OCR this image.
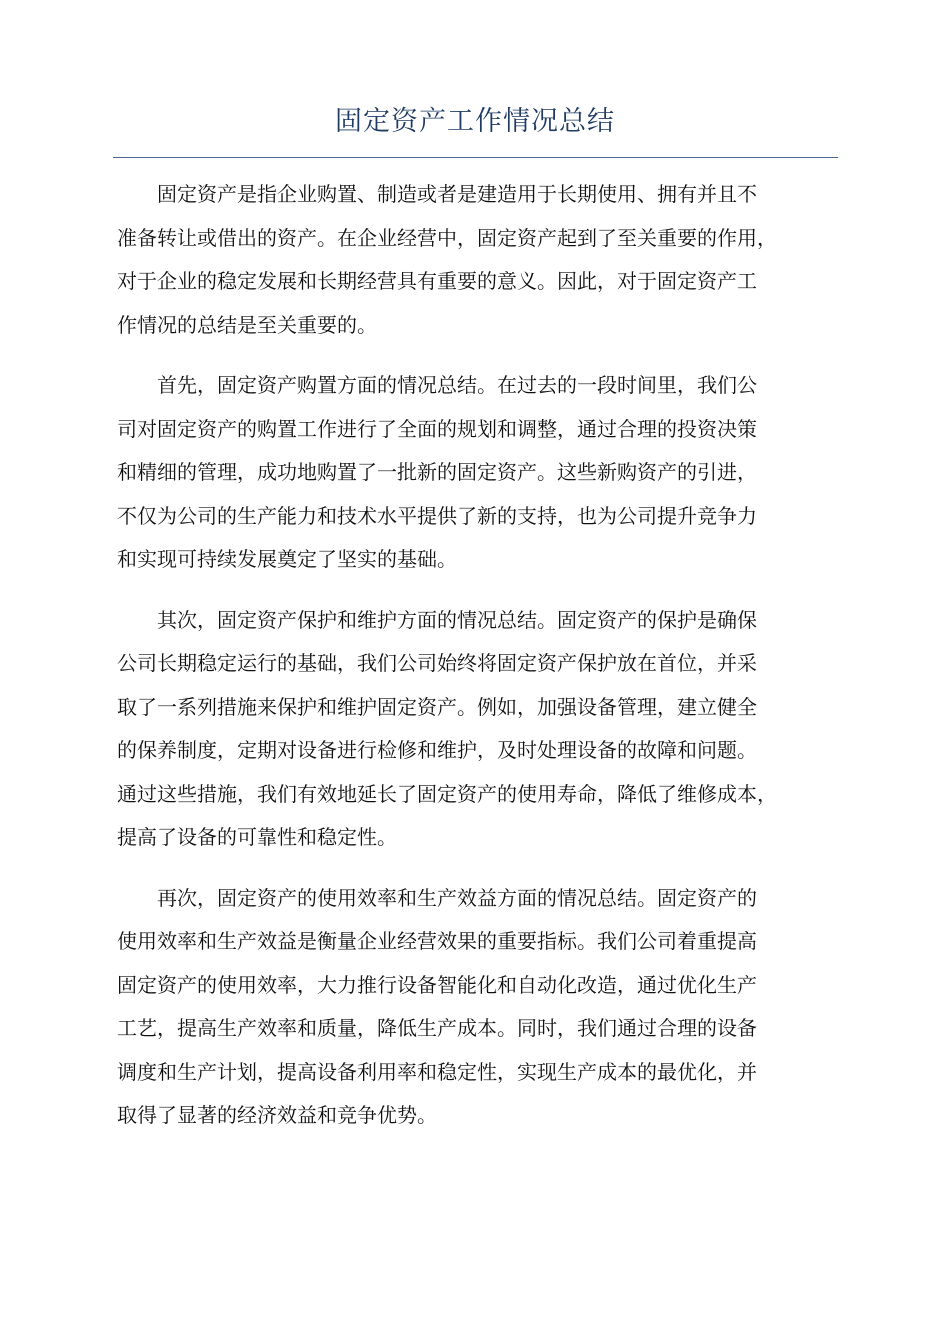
固定资产工作情况总结

固定资产是指企业购置、制造或者是建造用于长期使用、拥有并且不
准备转让或借出的资产。在企业经营中，固定资产起到了至关重要的作用，
对于企业的稳定发展和长期经营具有重要的意义。因此，对于固定资产工
作情况的总结是至关重要的。

首先，固定资产购置方面的情况总结。在过去的一段时间里，我们公
司对固定资产的购置工作进行了全面的规划和调整，通过合理的投资决策
和精细的管理，成功地购置了一批新的固定资产。这些新购资产的引进，
不仅为公司的生产能力和技术水平提供了新的支持，也为公司提升竞争力
和实现可持续发展奠定了坚实的基础。

其次，固定资产保护和维护方面的情况总结。固定资产的保护是确保
公司长期稳定运行的基础，我们公司始终将固定资产保护放在首位，并采
取了一系列措施来保护和维护固定资产。例如，加强设备管理，建立健全
的保养制度，定期对设备进行检修和维护，及时处理设备的故障和问题。
通过这些措施，我们有效地延长了固定资产的使用寿命，降低了维修成本，
提高了设备的可靠性和稳定性。

再次，固定资产的使用效率和生产效益方面的情况总结。固定资产的
使用效率和生产效益是衡量企业经营效果的重要指标。我们公司着重提高
固定资产的使用效率，大力推行设备智能化和自动化改造，通过优化生产
工艺，提高生产效率和质量，降低生产成本。同时，我们通过合理的设备
调度和生产计划，提高设备利用率和稳定性，实现生产成本的最优化，并
取得了显著的经济效益和竞争优势。
